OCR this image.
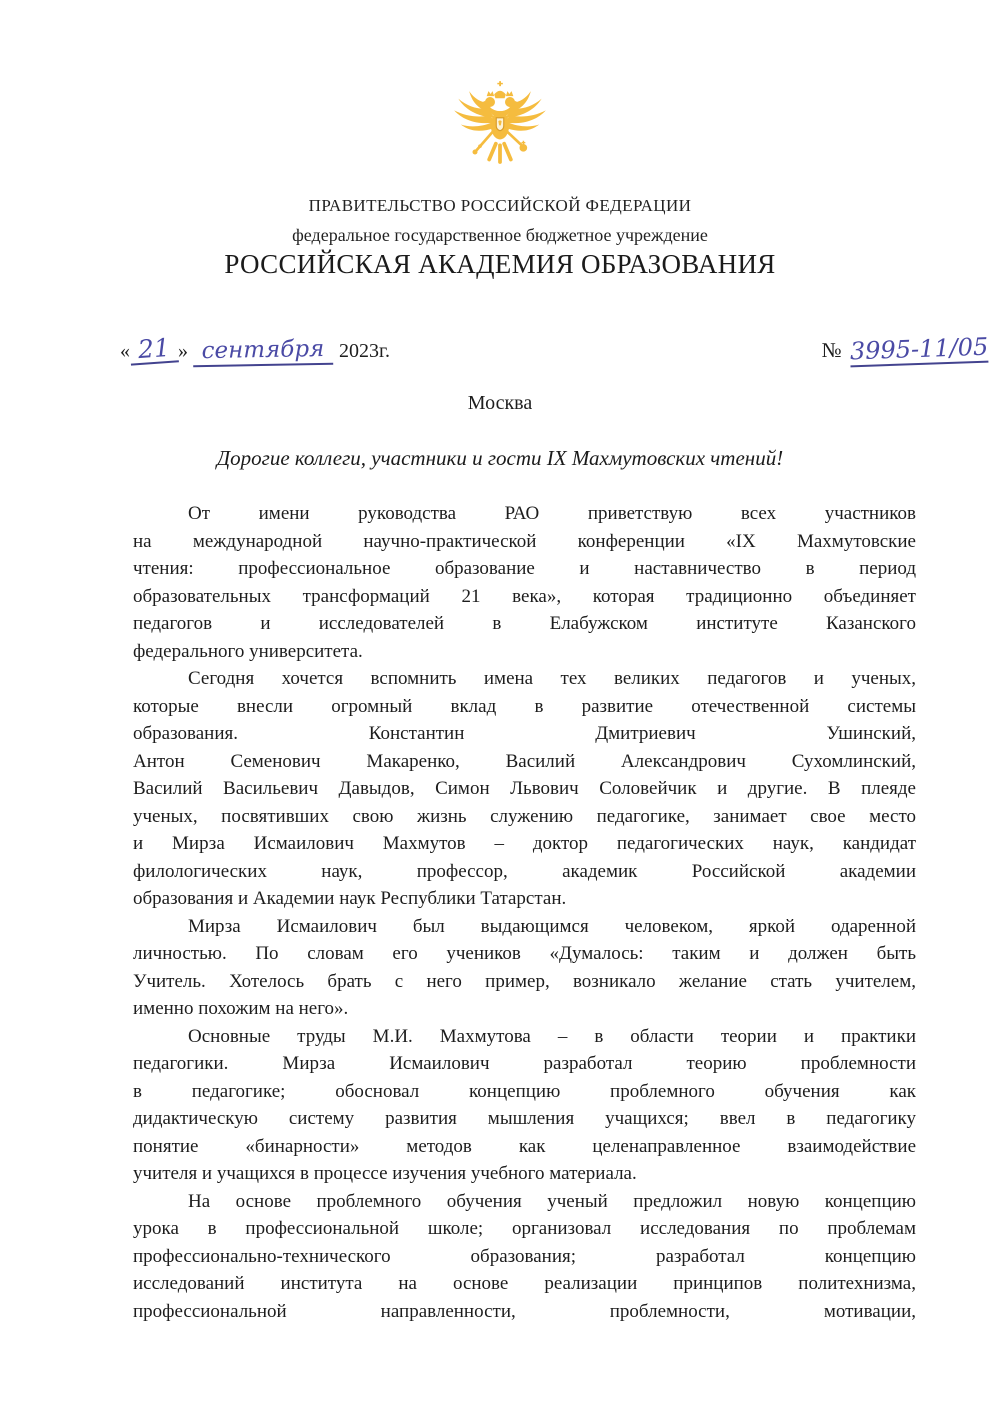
ПРАВИТЕЛЬСТВО РОССИЙСКОЙ ФЕДЕРАЦИИ
федеральное государственное бюджетное учреждение
РОССИЙСКАЯ АКАДЕМИЯ ОБРАЗОВАНИЯ
« 21 » сентября 2023г.	№ 3995-11/05
Москва
Дорогие коллеги, участники и гости IX Махмутовских чтений!
От имени руководства РАО приветствую всех участников
на международной научно-практической конференции «IX Махмутовские
чтения: профессиональное образование и наставничество в период
образовательных трансформаций 21 века», которая традиционно объединяет
педагогов и исследователей в Елабужском институте Казанского
федерального университета.
Сегодня хочется вспомнить имена тех великих педагогов и ученых,
которые внесли огромный вклад в развитие отечественной системы
образования. Константин Дмитриевич Ушинский,
Антон Семенович Макаренко, Василий Александрович Сухомлинский,
Василий Васильевич Давыдов, Симон Львович Соловейчик и другие. В плеяде
ученых, посвятивших свою жизнь служению педагогике, занимает свое место
и Мирза Исмаилович Махмутов – доктор педагогических наук, кандидат
филологических наук, профессор, академик Российской академии
образования и Академии наук Республики Татарстан.
Мирза Исмаилович был выдающимся человеком, яркой одаренной
личностью. По словам его учеников «Думалось: таким и должен быть
Учитель. Хотелось брать с него пример, возникало желание стать учителем,
именно похожим на него».
Основные труды М.И. Махмутова – в области теории и практики
педагогики. Мирза Исмаилович разработал теорию проблемности
в педагогике; обосновал концепцию проблемного обучения как
дидактическую систему развития мышления учащихся; ввел в педагогику
понятие «бинарности» методов как целенаправленное взаимодействие
учителя и учащихся в процессе изучения учебного материала.
На основе проблемного обучения ученый предложил новую концепцию
урока в профессиональной школе; организовал исследования по проблемам
профессионально-технического образования; разработал концепцию
исследований института на основе реализации принципов политехнизма,
профессиональной направленности, проблемности, мотивации,
